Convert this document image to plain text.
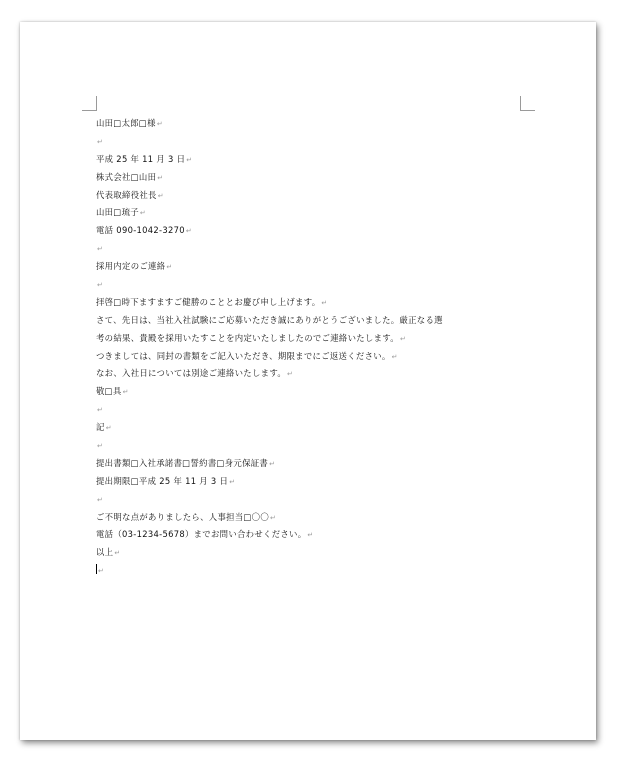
山田□太郎□様↵
↵
平成 25 年 11 月 3 日↵
株式会社□山田↵
代表取締役社長↵
山田□琉子↵
電話 090-1042-3270↵
↵
採用内定のご連絡↵
↵
拝啓□時下ますますご健勝のこととお慶び申し上げます。↵
さて、先日は、当社入社試験にご応募いただき誠にありがとうございました。厳正なる選
考の結果、貴殿を採用いたすことを内定いたしましたのでご連絡いたします。↵
つきましては、同封の書類をご記入いただき、期限までにご返送ください。↵
なお、入社日については別途ご連絡いたします。↵
敬□具↵
↵
記↵
↵
提出書類□入社承諾書□誓約書□身元保証書↵
提出期限□平成 25 年 11 月 3 日↵
↵
ご不明な点がありましたら、人事担当□〇〇↵
電話（03-1234-5678）までお問い合わせください。↵
以上↵
↵
